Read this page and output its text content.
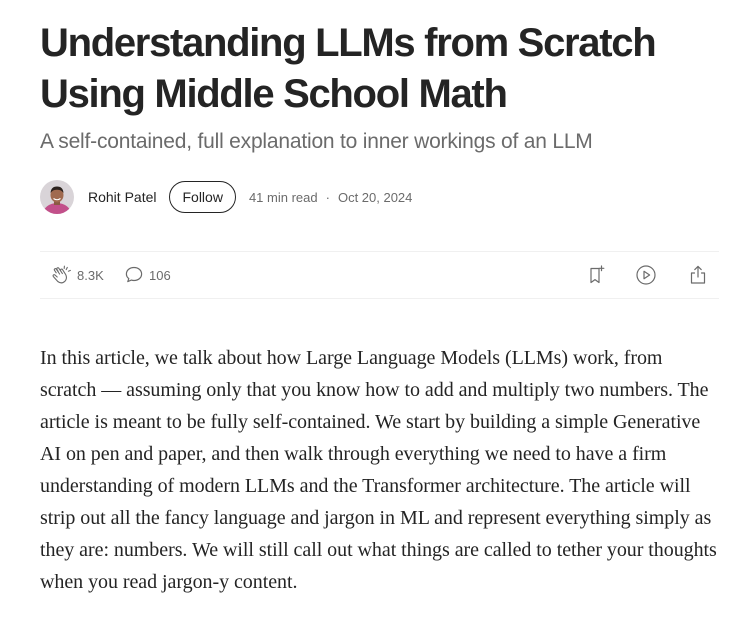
Understanding LLMs from Scratch Using Middle School Math

A self-contained, full explanation to inner workings of an LLM

Rohit Patel	Follow	41 min read · Oct 20, 2024
8.3K	106

In this article, we talk about how Large Language Models (LLMs) work, from scratch — assuming only that you know how to add and multiply two numbers. The article is meant to be fully self-contained. We start by building a simple Generative AI on pen and paper, and then walk through everything we need to have a firm understanding of modern LLMs and the Transformer architecture. The article will strip out all the fancy language and jargon in ML and represent everything simply as they are: numbers. We will still call out what things are called to tether your thoughts when you read jargon-y content.
